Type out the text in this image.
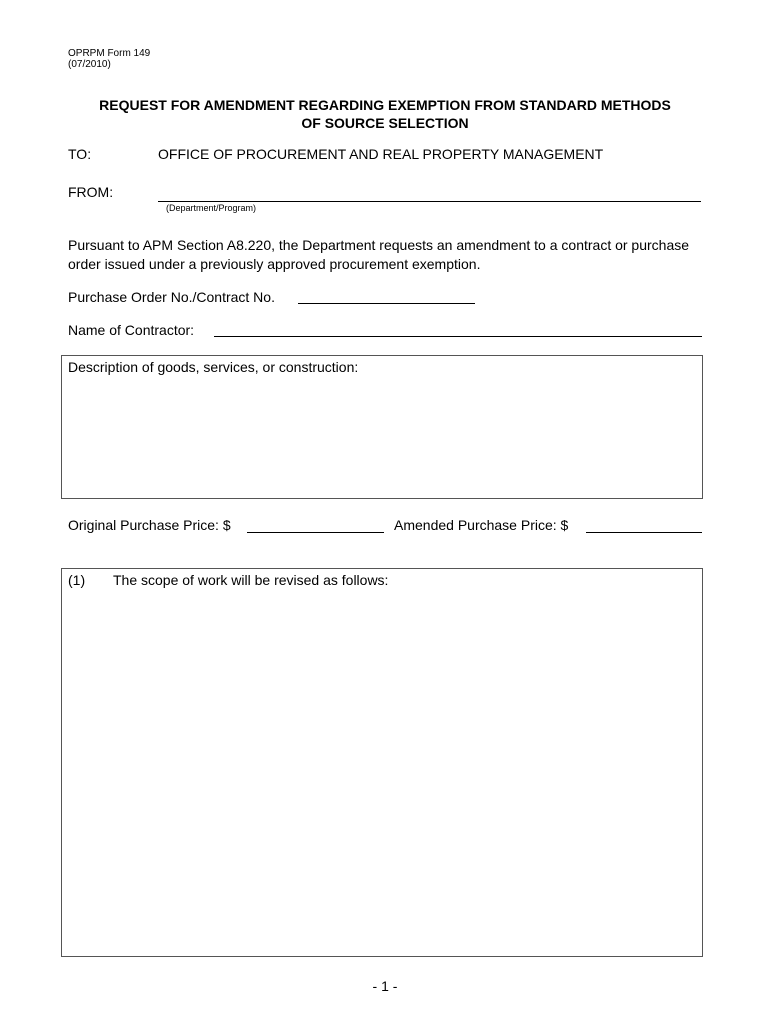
OPRPM Form 149
(07/2010)
REQUEST FOR AMENDMENT REGARDING EXEMPTION FROM STANDARD METHODS
OF SOURCE SELECTION
TO:	OFFICE OF PROCUREMENT AND REAL PROPERTY MANAGEMENT
FROM:
(Department/Program)
Pursuant to APM Section A8.220, the Department requests an amendment to a contract or purchase order issued under a previously approved procurement exemption.
Purchase Order No./Contract No.
Name of Contractor:
Description of goods, services, or construction:
Original Purchase Price: $	Amended Purchase Price: $
(1) The scope of work will be revised as follows:
- 1 -
